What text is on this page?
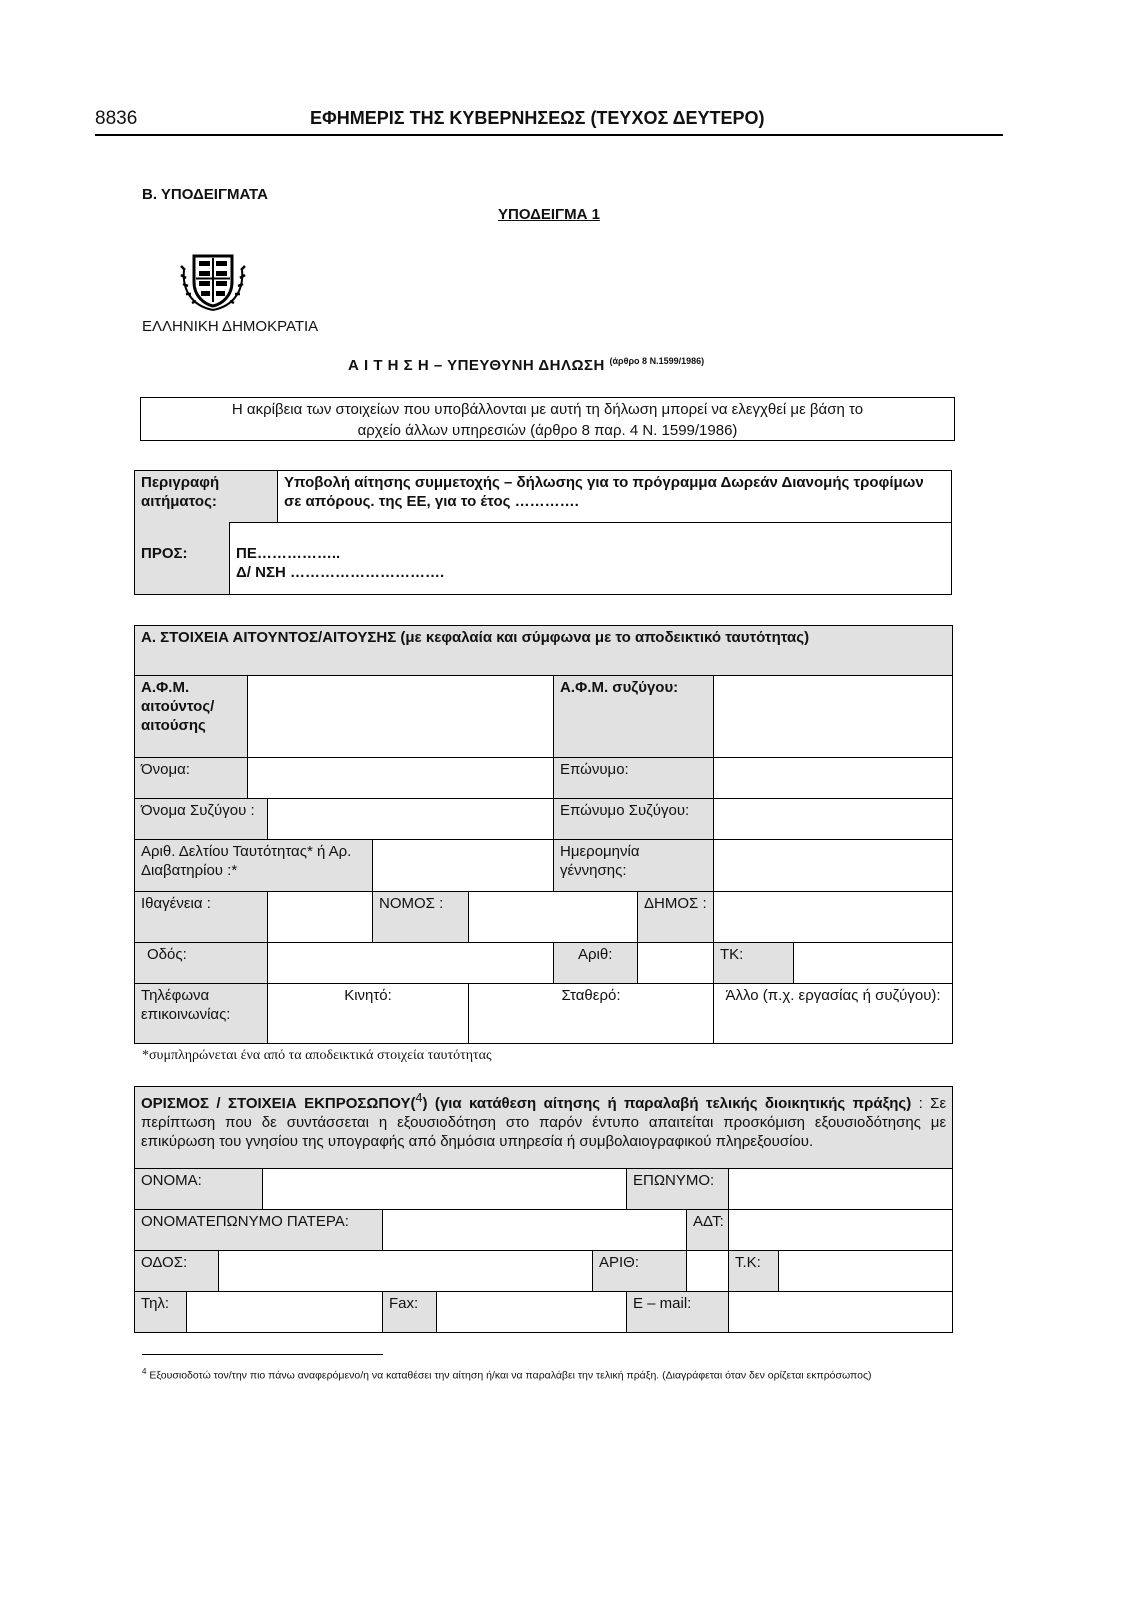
8836	ΕΦΗΜΕΡΙΣ ΤΗΣ ΚΥΒΕΡΝΗΣΕΩΣ (ΤΕΥΧΟΣ ΔΕΥΤΕΡΟ)
Β. ΥΠΟΔΕΙΓΜΑΤΑ
ΥΠΟΔΕΙΓΜΑ 1
ΕΛΛΗΝΙΚΗ ΔΗΜΟΚΡΑΤΙΑ
Α Ι Τ Η Σ Η – ΥΠΕΥΘΥΝΗ ΔΗΛΩΣΗ $^{(ά\rho\theta\rho o 8 N.1599/1986)}$
Η ακρίβεια των στοιχείων που υποβάλλονται με αυτή τη δήλωση μπορεί να ελεγχθεί με βάση το
αρχείο άλλων υπηρεσιών (άρθρο 8 παρ. 4 Ν. 1599/1986)
Περιγραφή αιτήματος:	Υποβολή αίτησης συμμετοχής – δήλωσης για το πρόγραμμα Δωρεάν Διανομής τροφίμων σε απόρους. της ΕΕ, για το έτος ………….
ΠΡΟΣ:	ΠΕ……………..
Δ/ ΝΣΗ ………………………….
Α. ΣΤΟΙΧΕΙΑ ΑΙΤΟΥΝΤΟΣ/ΑΙΤΟΥΣΗΣ (με κεφαλαία και σύμφωνα με το αποδεικτικό ταυτότητας)								
Α.Φ.Μ. αιτούντος/ αιτούσης					Α.Φ.Μ. συζύγου:			
Όνομα:					Επώνυμο:			
Όνομα Συζύγου :					Επώνυμο Συζύγου:			
Αριθ. Δελτίου Ταυτότητας* ή Αρ. Διαβατηρίου :*					Ημερομηνία γέννησης:			
Ιθαγένεια :			ΝΟΜΟΣ :			ΔΗΜΟΣ :		
Οδός:					Αριθ:		ΤΚ:	
Τηλέφωνα επικοινωνίας:		Κινητό:		Σταθερό:			Άλλο (π.χ. εργασίας ή συζύγου):	
*συμπληρώνεται ένα από τα αποδεικτικά στοιχεία ταυτότητας
ΟΡΙΣΜΟΣ / ΣΤΟΙΧΕΙΑ ΕΚΠΡΟΣΩΠΟΥ($^4$) (για κατάθεση αίτησης ή παραλαβή τελικής διοικητικής πράξης) : Σε περίπτωση που δε συντάσσεται η εξουσιοδότηση στο παρόν έντυπο απαιτείται προσκόμιση εξουσιοδότησης με επικύρωση του γνησίου της υπογραφής από δημόσια υπηρεσία ή συμβολαιογραφικού πληρεξουσίου.										
ΟΝΟΜΑ:							ΕΠΩΝΥΜΟ:			
ΟΝΟΜΑΤΕΠΩΝΥΜΟ ΠΑΤΕΡΑ:								ΑΔΤ:		
ΟΔΟΣ:						ΑΡΙΘ:			Τ.Κ:	
Τηλ:				Fax:			Ε – mail:			
$^4$ Εξουσιοδοτώ τον/την πιο πάνω αναφερόμενο/η να καταθέσει την αίτηση ή/και να παραλάβει την τελική πράξη. (Διαγράφεται όταν δεν ορίζεται εκπρόσωπος)
